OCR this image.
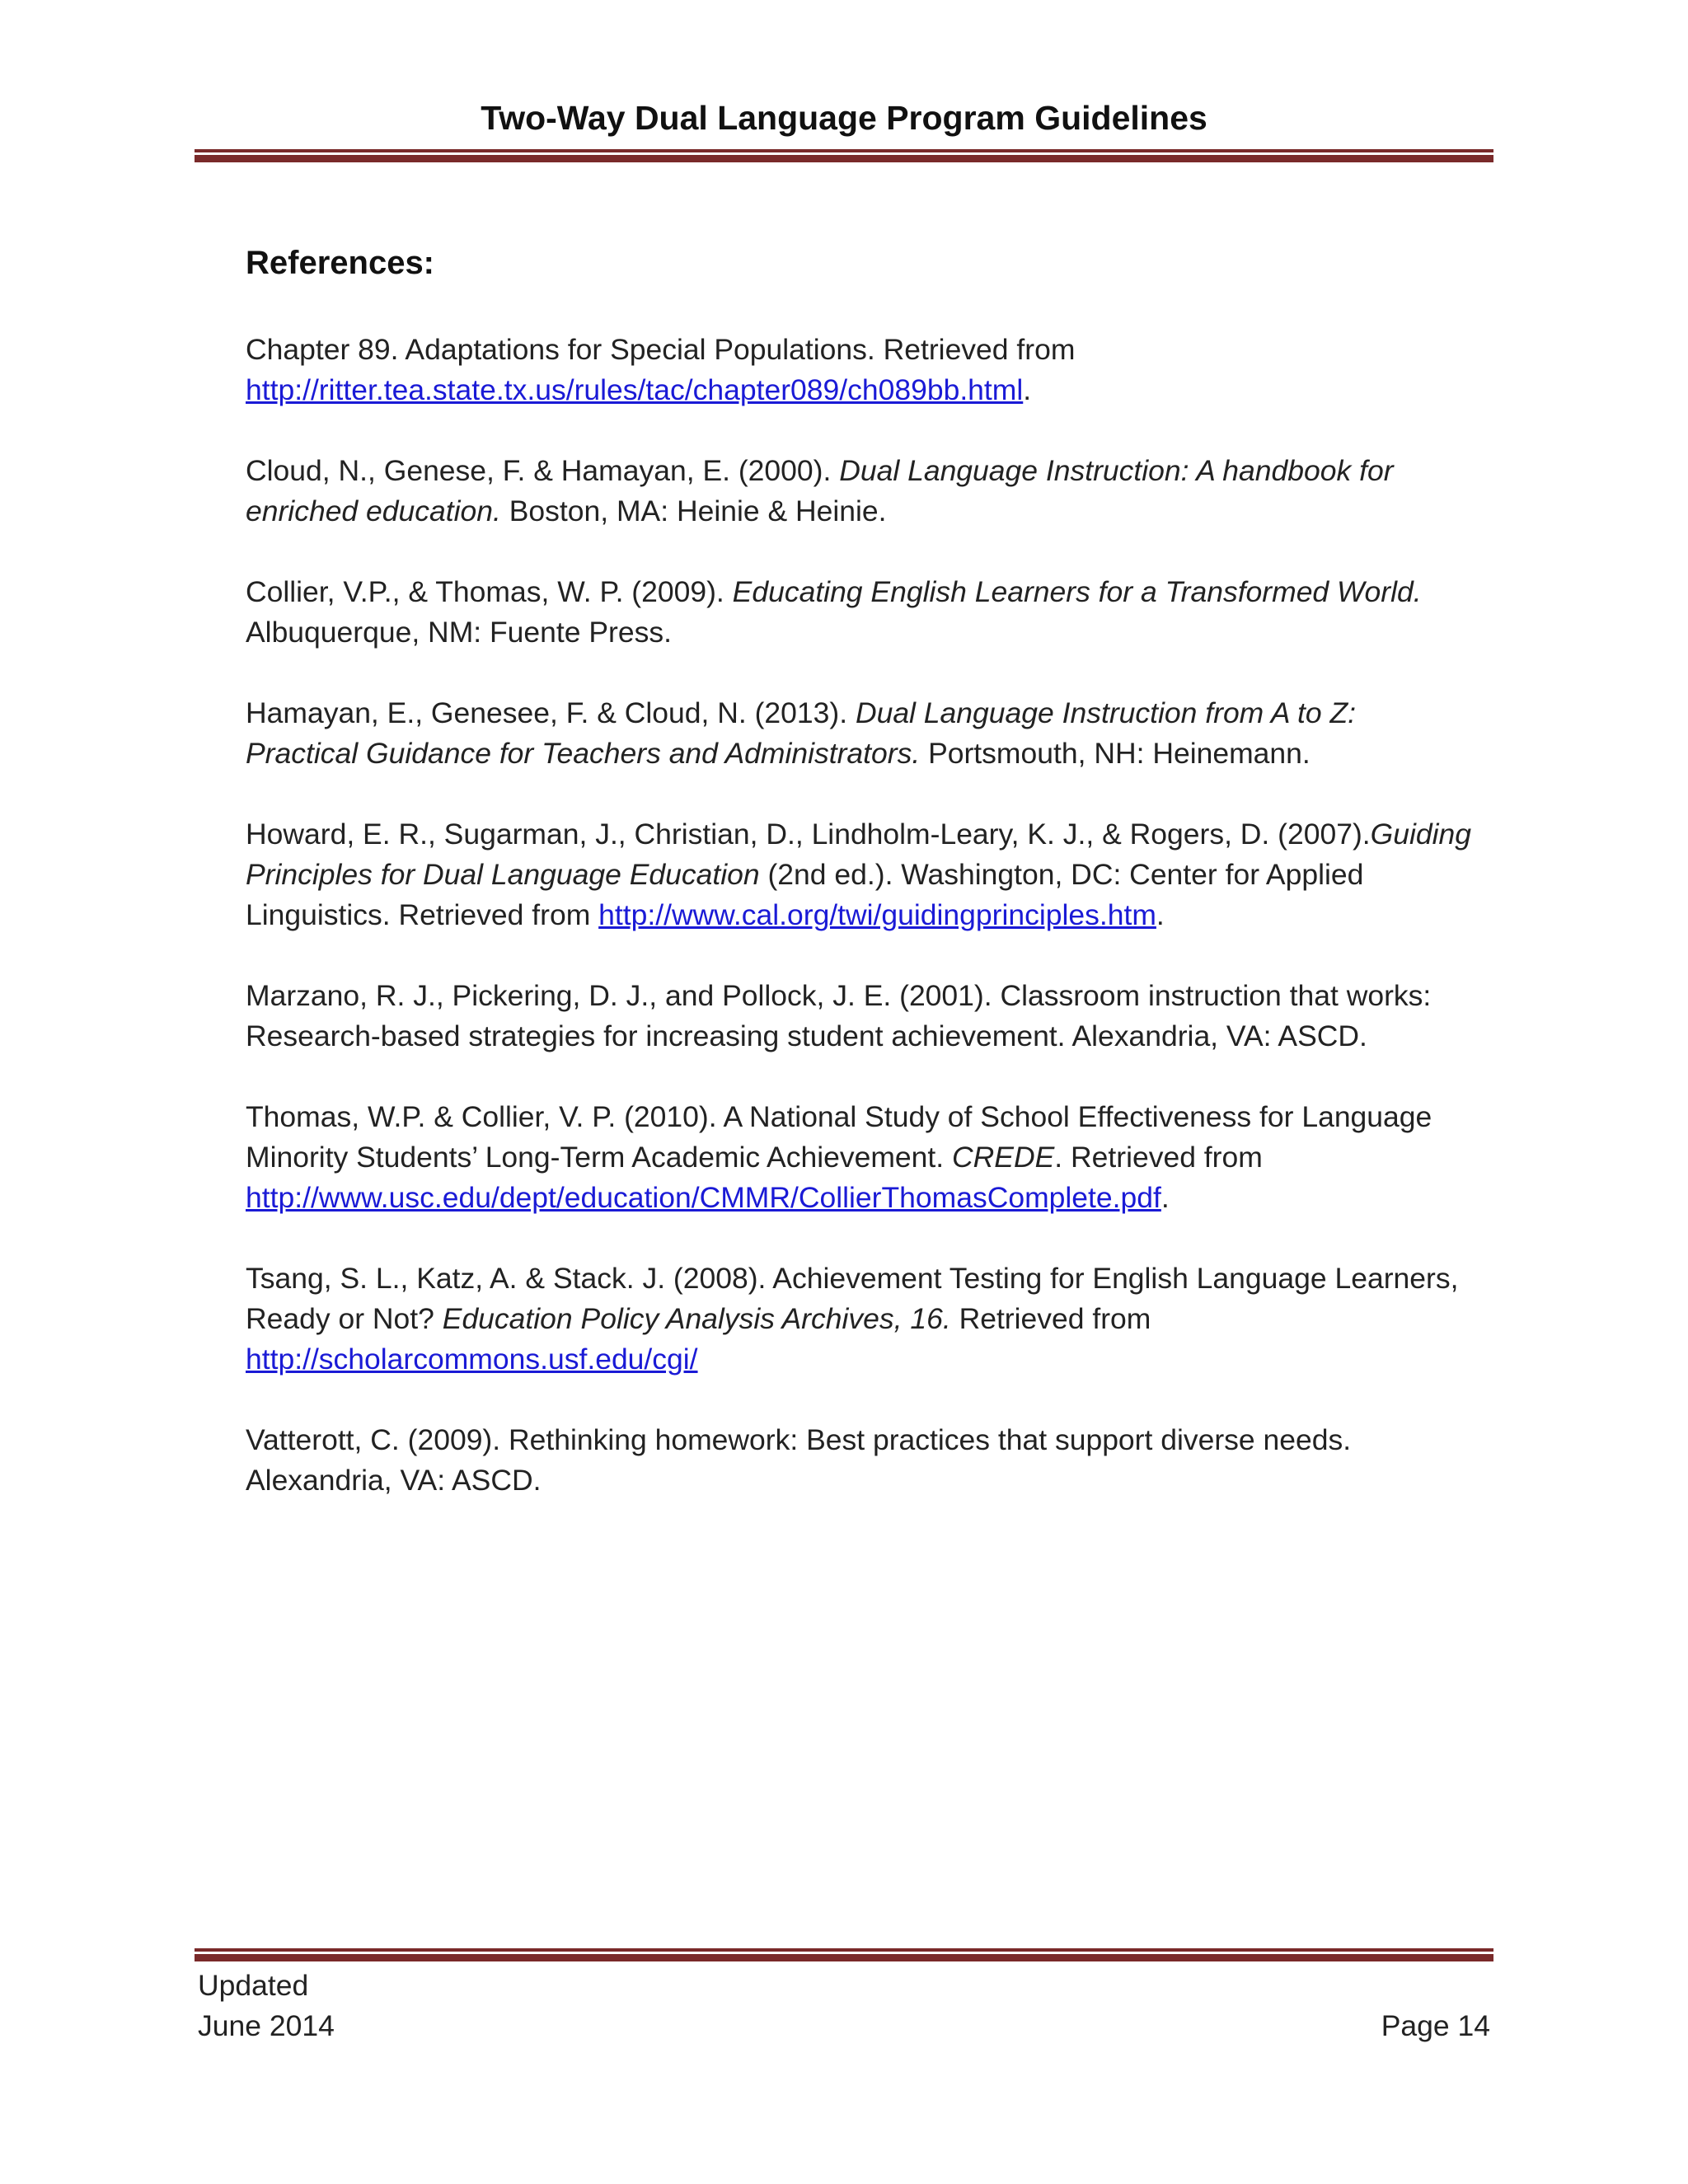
Two-Way Dual Language Program Guidelines
References:
Chapter 89. Adaptations for Special Populations. Retrieved from
http://ritter.tea.state.tx.us/rules/tac/chapter089/ch089bb.html.
Cloud, N., Genese, F. & Hamayan, E. (2000). Dual Language Instruction: A handbook for
enriched education. Boston, MA: Heinie & Heinie.
Collier, V.P., & Thomas, W. P. (2009). Educating English Learners for a Transformed World.
Albuquerque, NM: Fuente Press.
Hamayan, E., Genesee, F. & Cloud, N. (2013). Dual Language Instruction from A to Z:
Practical Guidance for Teachers and Administrators. Portsmouth, NH: Heinemann.
Howard, E. R., Sugarman, J., Christian, D., Lindholm-Leary, K. J., & Rogers, D. (2007).Guiding
Principles for Dual Language Education (2nd ed.). Washington, DC: Center for Applied
Linguistics. Retrieved from http://www.cal.org/twi/guidingprinciples.htm.
Marzano, R. J., Pickering, D. J., and Pollock, J. E. (2001). Classroom instruction that works:
Research-based strategies for increasing student achievement. Alexandria, VA: ASCD.
Thomas, W.P. & Collier, V. P. (2010). A National Study of School Effectiveness for Language
Minority Students’ Long-Term Academic Achievement. CREDE. Retrieved from
http://www.usc.edu/dept/education/CMMR/CollierThomasComplete.pdf.
Tsang, S. L., Katz, A. & Stack. J. (2008). Achievement Testing for English Language Learners,
Ready or Not? Education Policy Analysis Archives, 16. Retrieved from
http://scholarcommons.usf.edu/cgi/
Vatterott, C. (2009). Rethinking homework: Best practices that support diverse needs.
Alexandria, VA: ASCD.
Updated
June 2014	Page 14
